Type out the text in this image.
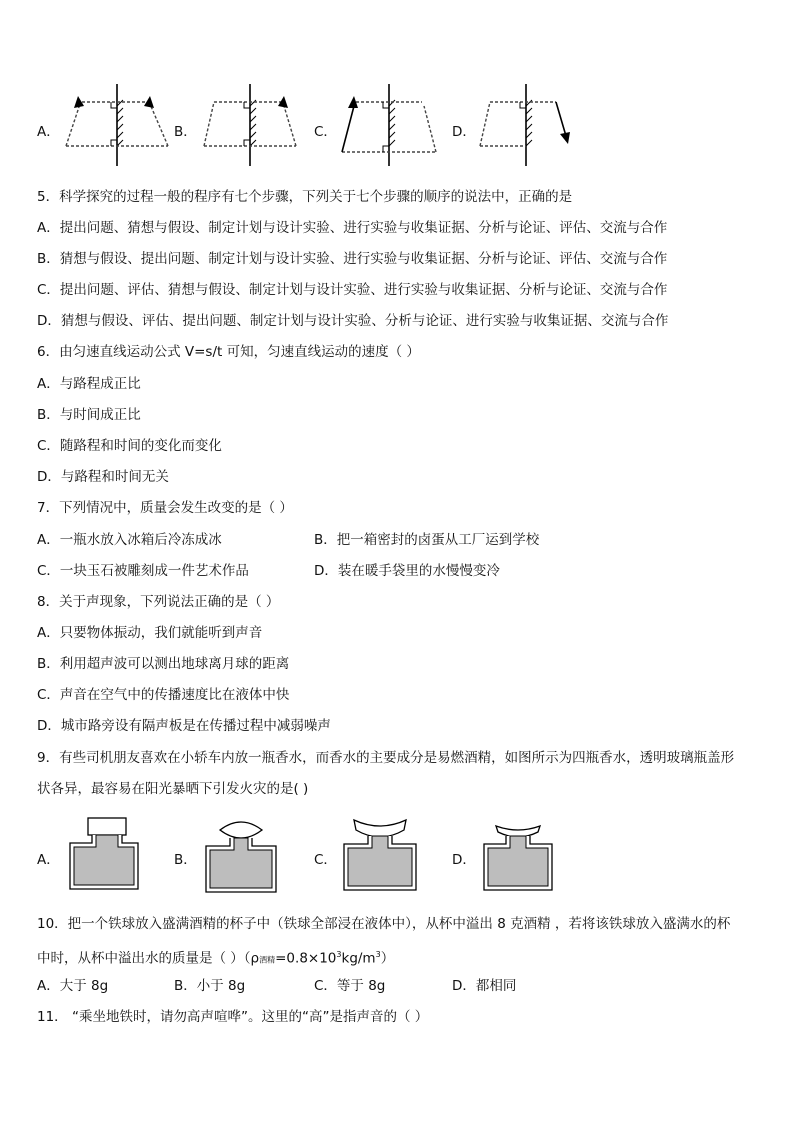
A．	B．	C．	D．
5．科学探究的过程一般的程序有七个步骤，下列关于七个步骤的顺序的说法中，正确的是
A．提出问题、猜想与假设、制定计划与设计实验、进行实验与收集证据、分析与论证、评估、交流与合作
B．猜想与假设、提出问题、制定计划与设计实验、进行实验与收集证据、分析与论证、评估、交流与合作
C．提出问题、评估、猜想与假设、制定计划与设计实验、进行实验与收集证据、分析与论证、交流与合作
D．猜想与假设、评估、提出问题、制定计划与设计实验、分析与论证、进行实验与收集证据、交流与合作
6．由匀速直线运动公式 V=s/t 可知，匀速直线运动的速度（ ）
A．与路程成正比
B．与时间成正比
C．随路程和时间的变化而变化
D．与路程和时间无关
7．下列情况中，质量会发生改变的是（ ）
A．一瓶水放入冰箱后冷冻成冰	B．把一箱密封的卤蛋从工厂运到学校
C．一块玉石被雕刻成一件艺术作品	D．装在暖手袋里的水慢慢变冷
8．关于声现象，下列说法正确的是（ ）
A．只要物体振动，我们就能听到声音
B．利用超声波可以测出地球离月球的距离
C．声音在空气中的传播速度比在液体中快
D．城市路旁设有隔声板是在传播过程中减弱噪声
9．有些司机朋友喜欢在小轿车内放一瓶香水，而香水的主要成分是易燃酒精，如图所示为四瓶香水，透明玻璃瓶盖形
状各异，最容易在阳光暴晒下引发火灾的是( )
A．	B．	C．	D．
10．把一个铁球放入盛满酒精的杯子中（铁球全部浸在液体中），从杯中溢出 8 克酒精 ，若将该铁球放入盛满水的杯
中时，从杯中溢出水的质量是（ ）（ρ酒精$=0.8\times 10^3kg/m^3$）
A．大于 8g	B．小于 8g	C．等于 8g	D．都相同
11． “乘坐地铁时，请勿高声喧哗”。这里的“高”是指声音的（ ）
